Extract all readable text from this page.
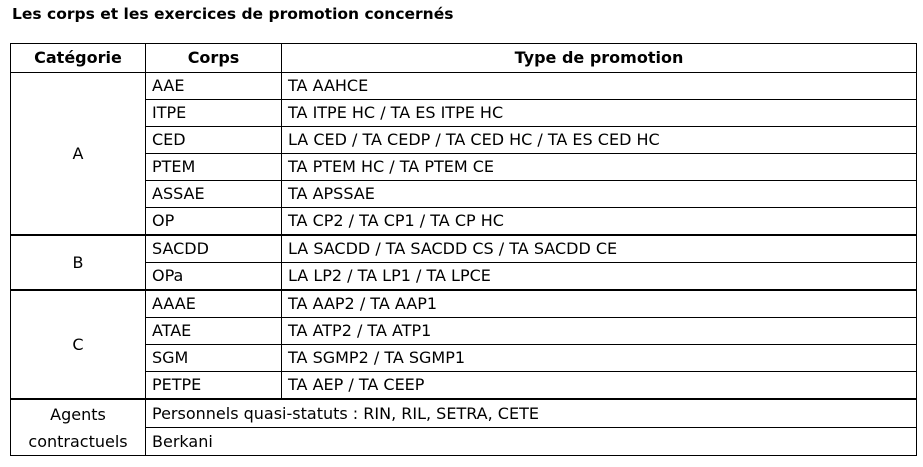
Les corps et les exercices de promotion concernés
Catégorie	Corps	Type de promotion
A	AAE	TA AAHCE
	ITPE	TA ITPE HC / TA ES ITPE HC
	CED	LA CED / TA CEDP / TA CED HC / TA ES CED HC
	PTEM	TA PTEM HC / TA PTEM CE
	ASSAE	TA APSSAE
	OP	TA CP2 / TA CP1 / TA CP HC
B	SACDD	LA SACDD / TA SACDD CS / TA SACDD CE
	OPa	LA LP2 / TA LP1 / TA LPCE
C	AAAE	TA AAP2 / TA AAP1
	ATAE	TA ATP2 / TA ATP1
	SGM	TA SGMP2 / TA SGMP1
	PETPE	TA AEP / TA CEEP
Agents contractuels	Personnels quasi-statuts : RIN, RIL, SETRA, CETE	
	Berkani	
